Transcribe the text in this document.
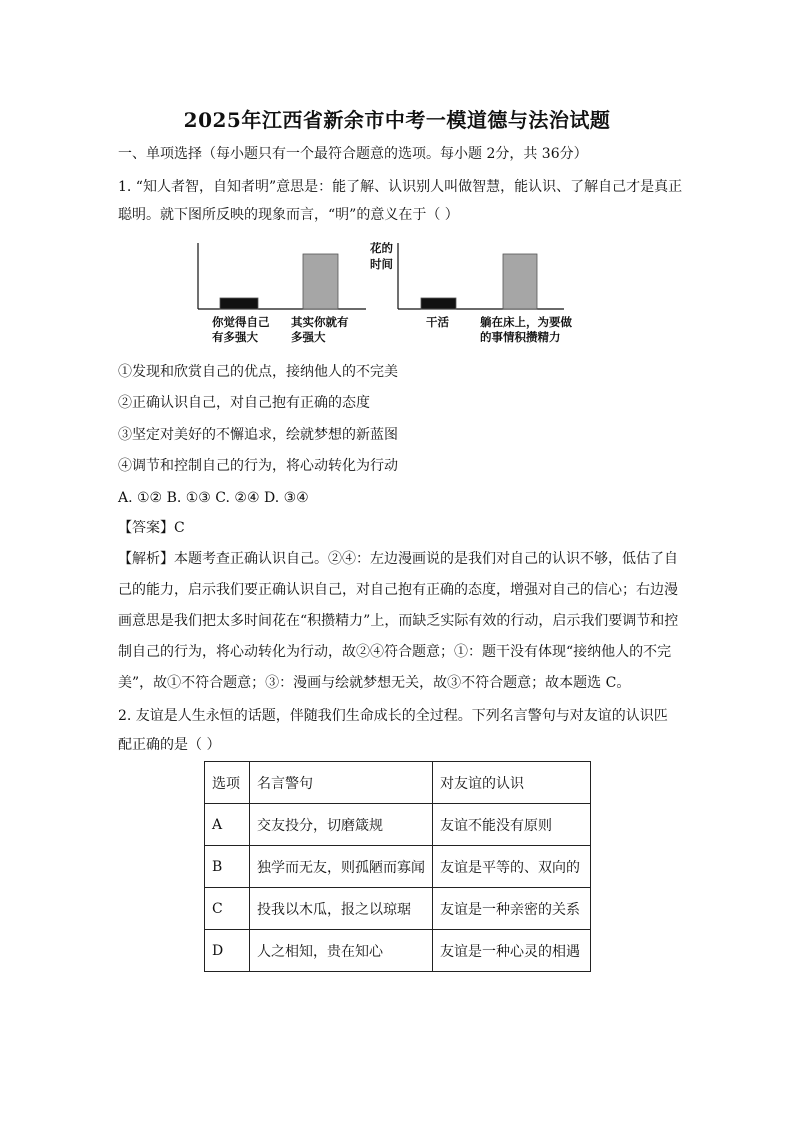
2025年江西省新余市中考一模道德与法治试题
一、单项选择（每小题只有一个最符合题意的选项。每小题 2分，共 36分）
1. “知人者智，自知者明”意思是：能了解、认识别人叫做智慧，能认识、了解自己才是真正
聪明。就下图所反映的现象而言，“明”的意义在于（ ）
你觉得自己
有多强大
其实你就有
多强大
花的
时间
干活	躺在床上，为要做
的事情积攒精力
①发现和欣赏自己的优点，接纳他人的不完美
②正确认识自己，对自己抱有正确的态度
③坚定对美好的不懈追求，绘就梦想的新蓝图
④调节和控制自己的行为，将心动转化为行动
A. ①② B. ①③ C. ②④ D. ③④
【答案】C
【解析】本题考查正确认识自己。②④：左边漫画说的是我们对自己的认识不够，低估了自
己的能力，启示我们要正确认识自己，对自己抱有正确的态度，增强对自己的信心；右边漫
画意思是我们把太多时间花在“积攒精力”上，而缺乏实际有效的行动，启示我们要调节和控
制自己的行为，将心动转化为行动，故②④符合题意；①：题干没有体现“接纳他人的不完
美”，故①不符合题意；③：漫画与绘就梦想无关，故③不符合题意；故本题选 C。
2. 友谊是人生永恒的话题，伴随我们生命成长的全过程。下列名言警句与对友谊的认识匹
配正确的是（ ）
选项	名言警句	对友谊的认识
A	交友投分，切磨箴规	友谊不能没有原则
B	独学而无友，则孤陋而寡闻	友谊是平等的、双向的
C	投我以木瓜，报之以琼琚	友谊是一种亲密的关系
D	人之相知，贵在知心	友谊是一种心灵的相遇
